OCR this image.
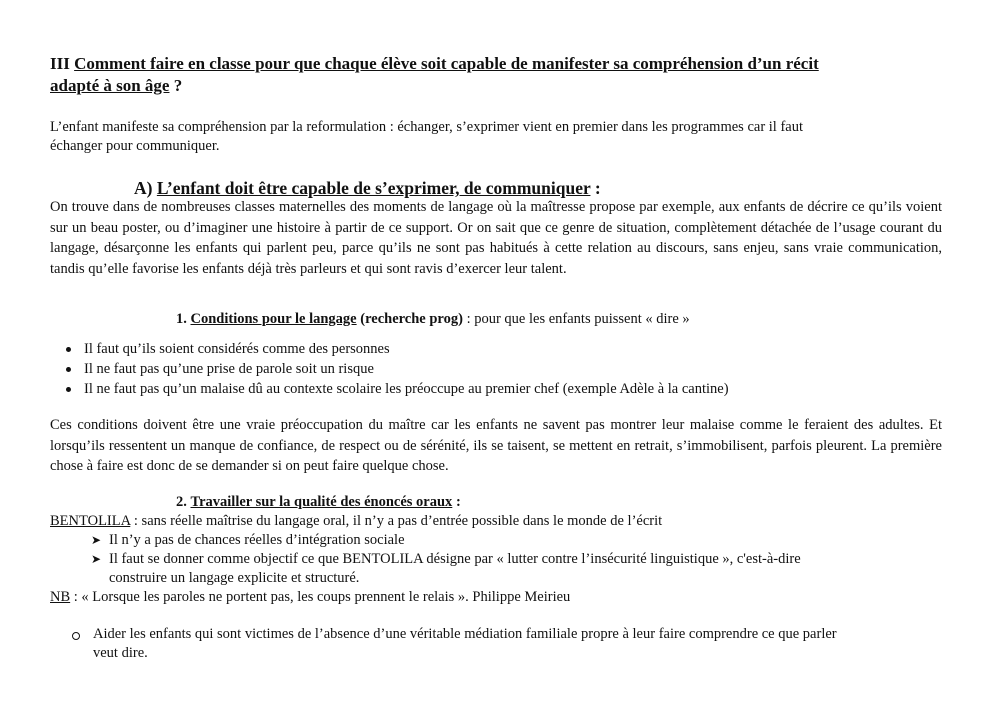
III Comment faire en classe pour que chaque élève soit capable de manifester sa compréhension d’un récit
adapté à son âge ?
L’enfant manifeste sa compréhension par la reformulation : échanger, s’exprimer vient en premier dans les programmes car il faut
échanger pour communiquer.
A) L’enfant doit être capable de s’exprimer, de communiquer :
On trouve dans de nombreuses classes maternelles des moments de langage où la maîtresse propose par exemple, aux enfants de décrire ce qu’ils voient sur un beau poster, ou d’imaginer une histoire à partir de ce support. Or on sait que ce genre de situation, complètement détachée de l’usage courant du langage, désarçonne les enfants qui parlent peu, parce qu’ils ne sont pas habitués à cette relation au discours, sans enjeu, sans vraie communication, tandis qu’elle favorise les enfants déjà très parleurs et qui sont ravis d’exercer leur talent.
1. Conditions pour le langage (recherche prog) : pour que les enfants puissent « dire »
Il faut qu’ils soient considérés comme des personnes
Il ne faut pas qu’une prise de parole soit un risque
Il ne faut pas qu’un malaise dû au contexte scolaire les préoccupe au premier chef (exemple Adèle à la cantine)
Ces conditions doivent être une vraie préoccupation du maître car les enfants ne savent pas montrer leur malaise comme le feraient des adultes. Et lorsqu’ils ressentent un manque de confiance, de respect ou de sérénité, ils se taisent, se mettent en retrait, s’immobilisent, parfois pleurent. La première chose à faire est donc de se demander si on peut faire quelque chose.
2. Travailler sur la qualité des énoncés oraux :
BENTOLILA : sans réelle maîtrise du langage oral, il n’y a pas d’entrée possible dans le monde de l’écrit
➤ Il n’y a pas de chances réelles d’intégration sociale
➤ Il faut se donner comme objectif ce que BENTOLILA désigne par « lutter contre l’insécurité linguistique », c'est-à-dire
construire un langage explicite et structuré.
NB : « Lorsque les paroles ne portent pas, les coups prennent le relais ». Philippe Meirieu
Aider les enfants qui sont victimes de l’absence d’une véritable médiation familiale propre à leur faire comprendre ce que parler
veut dire.
